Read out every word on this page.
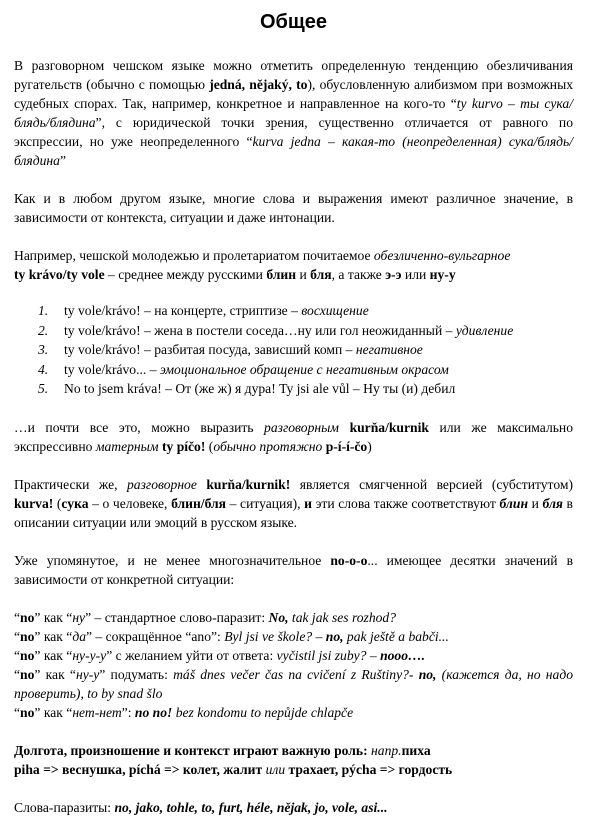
Общее

В разговорном чешском языке можно отметить определенную тенденцию обезличивания ругательств (обычно с помощью jedná, nějaký, to), обусловленную алибизмом при возможных судебных спорах. Так, например, конкретное и направленное на кого-то “ty kurvo – ты сука/блядь/блядина”, с юридической точки зрения, существенно отличается от равного по экспрессии, но уже неопределенного “kurva jedna – какая-то (неопределенная) сука/блядь/блядина”

Как и в любом другом языке, многие слова и выражения имеют различное значение, в зависимости от контекста, ситуации и даже интонации.

Например, чешской молодежью и пролетариатом почитаемое обезличенно-вульгарное
ty krávo/ty vole – среднее между русскими блин и бля, а также э-э или ну-у

1. ty vole/krávo! – на концерте, стриптизе – восхищение
2. ty vole/krávo! – жена в постели соседа…ну или гол неожиданный – удивление
3. ty vole/krávo! – разбитая посуда, зависший комп – негативное
4. ty vole/krávo... – эмоциональное обращение с негативным окрасом
5. No to jsem kráva! – От (же ж) я дура! Ty jsi ale vůl – Ну ты (и) дебил

…и почти все это, можно выразить разговорным kurňa/kurnik или же максимально экспрессивно матерным ty píčo! (обычно протяжно p-í-í-čo)

Практически же, разговорное kurňa/kurnik! является смягченной версией (субститутом) kurva! (сука – о человеке, блин/бля – ситуация), и эти слова также соответствуют блин и бля в описании ситуации или эмоций в русском языке.

Уже упомянутое, и не менее многозначительное no-o-o... имеющее десятки значений в зависимости от конкретной ситуации:

“no” как “ну” – стандартное слово-паразит: No, tak jak ses rozhod?

“no” как “да” – сокращённое “ano”: Byl jsi ve škole? – no, pak ještě a babči...

“no” как “ну-у-у” с желанием уйти от ответа: vyčistil jsi zuby? – nooo….

“no” как “ну-у” подумать: máš dnes večer čas na cvičení z Ruštiny?- no, (кажется да, но надо проверить), to by snad šlo

“no” как “нет-нет”: no no! bez kondomu to nepůjde chlapče

Долгота, произношение и контекст играют важную роль: напр.пиха
piha => веснушка, píchá => колет, жалит или трахает, pýcha => гордость

Слова-паразиты: no, jako, tohle, to, furt, héle, nějak, jo, vole, asi...
